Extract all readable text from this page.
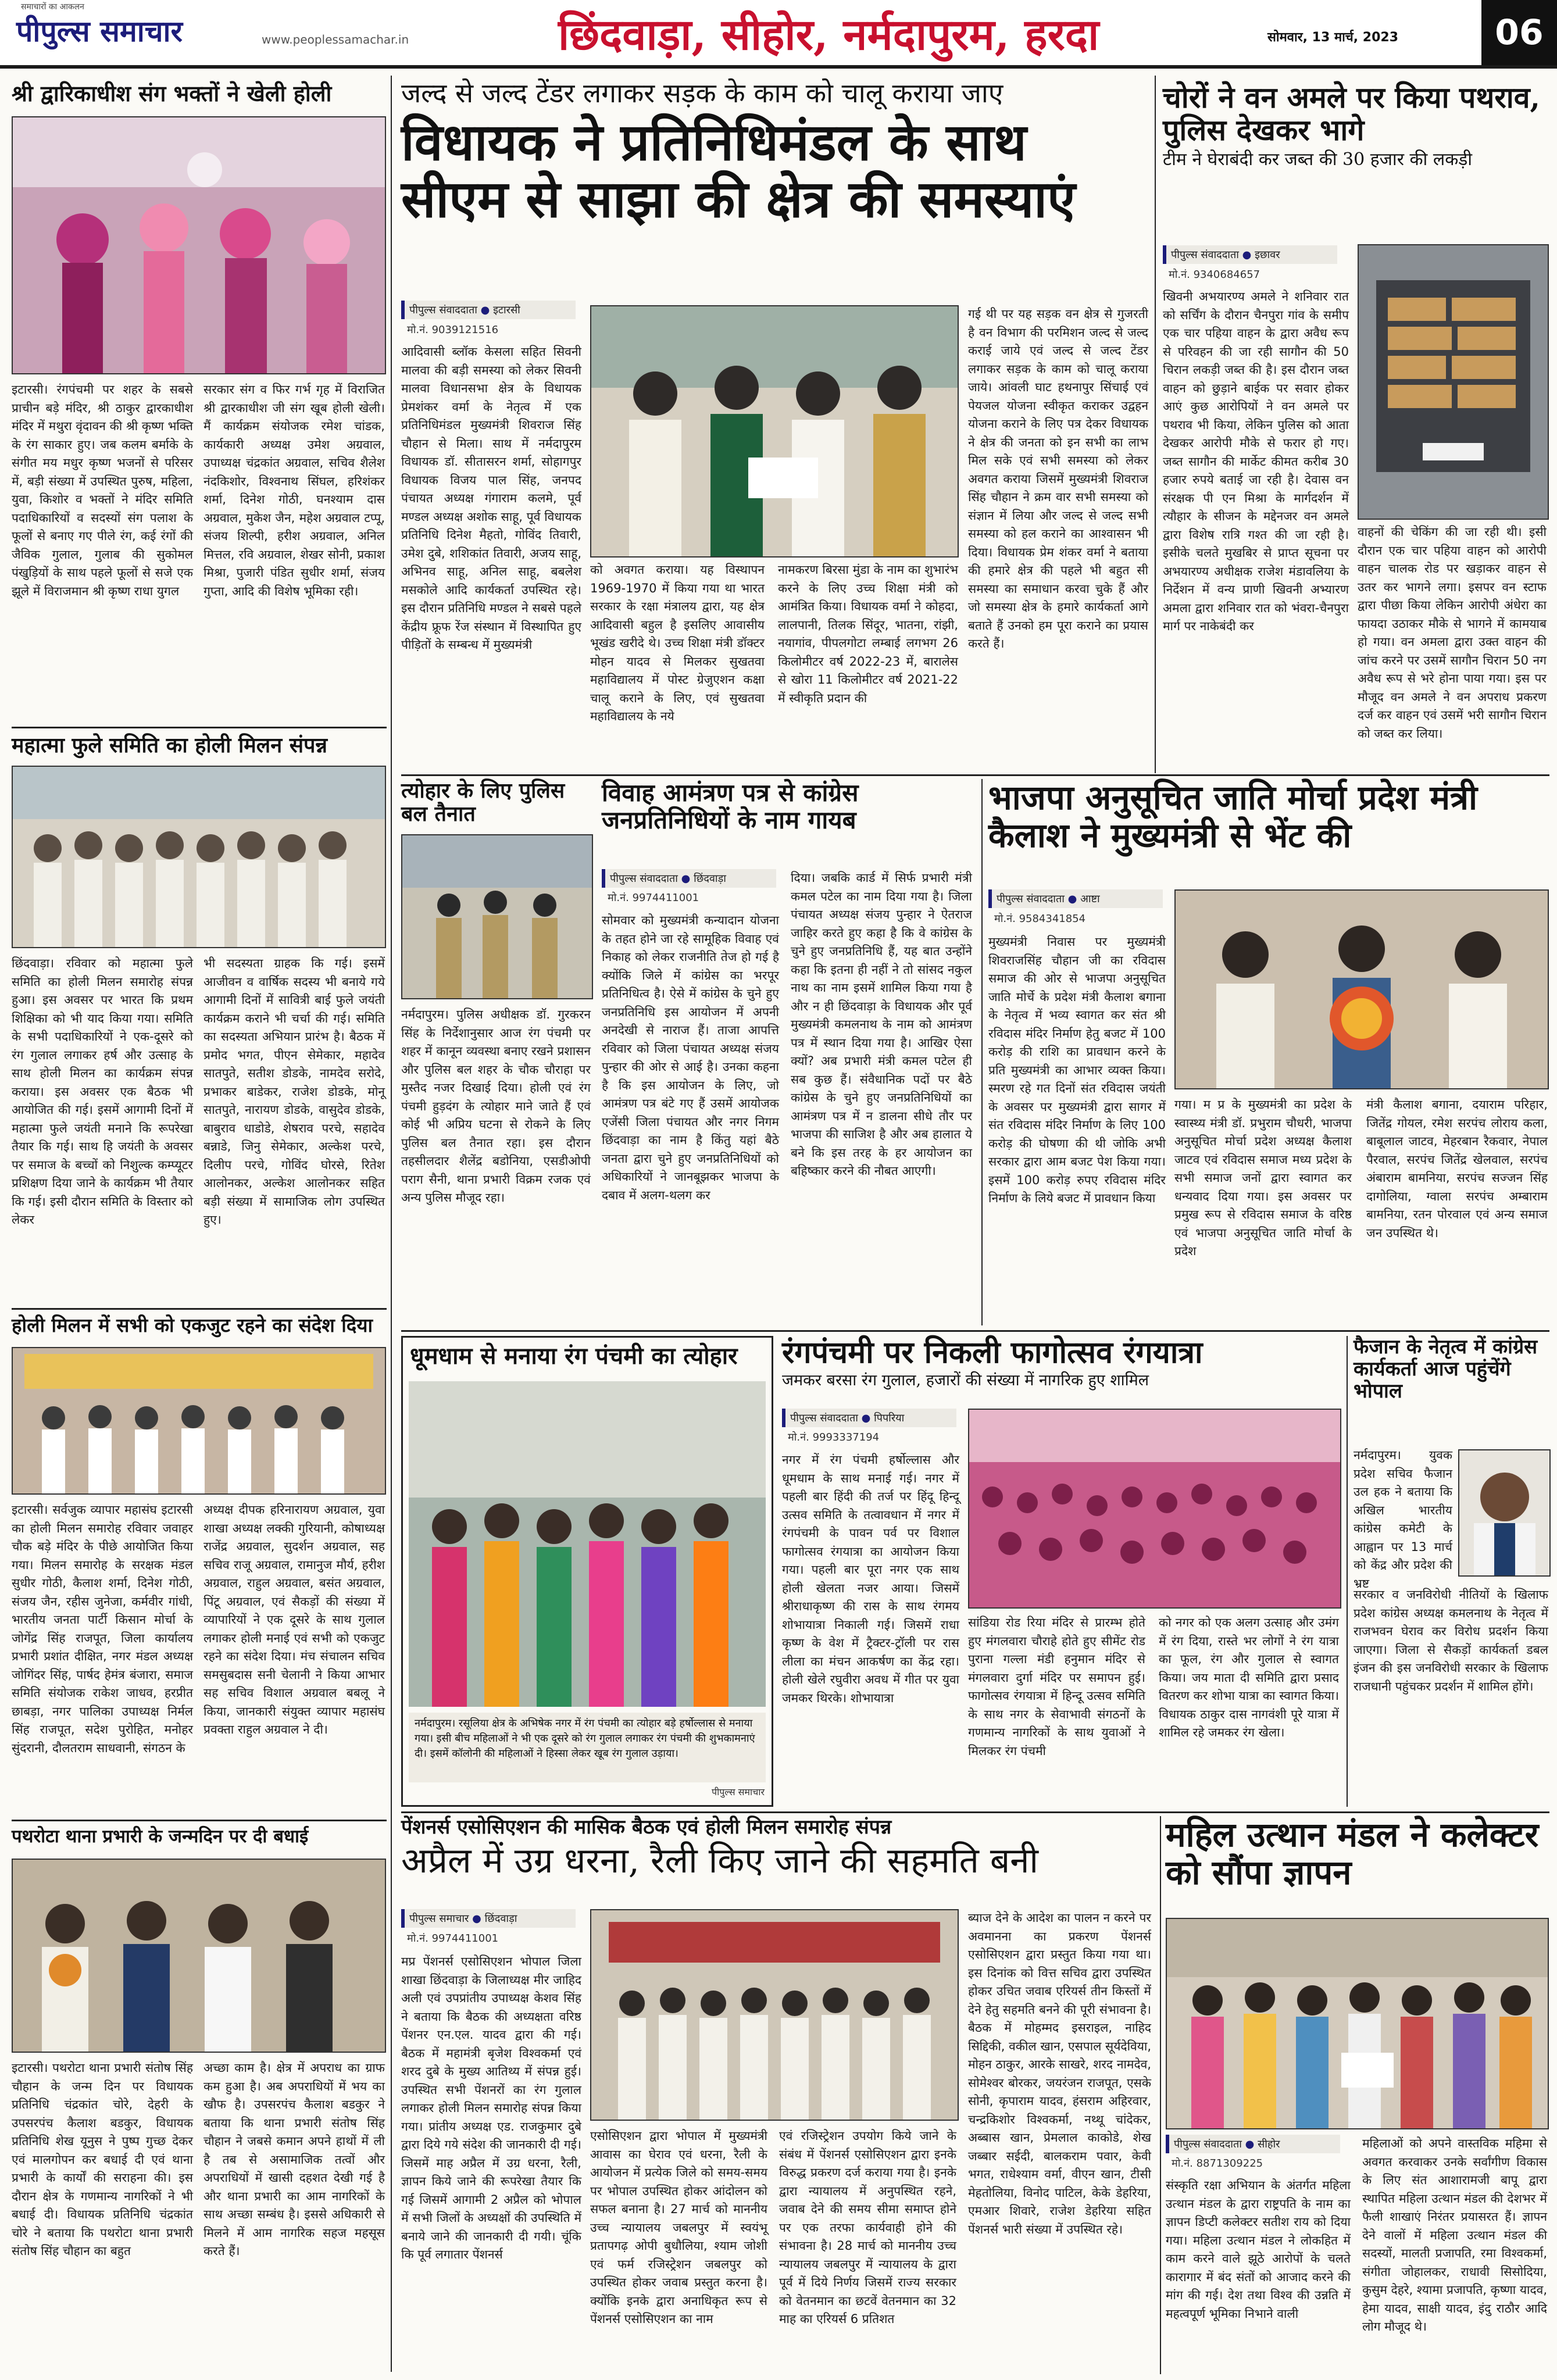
समाचारों का आकलन
पीपुल्स समाचार	www.peoplessamachar.in	छिंदवाड़ा, सीहोर, नर्मदापुरम, हरदा	सोमवार, 13 मार्च, 2023	06
श्री द्वारिकाधीश संग भक्तों ने खेली होली
इटारसी। रंगपंचमी पर शहर के सबसे प्राचीन बड़े मंदिर, श्री ठाकुर द्वारकाधीश मंदिर में मथुरा वृंदावन की श्री कृष्ण भक्ति के रंग साकार हुए। जब कलम बर्माके के संगीत मय मधुर कृष्ण भजनों से परिसर में, बड़ी संख्या में उपस्थित पुरुष, महिला, युवा, किशोर व भक्तों ने मंदिर समिति पदाधिकारियों व सदस्यों संग पलाश के फूलों से बनाए गए पीले रंग, कई रंगों की जैविक गुलाल, गुलाब की सुकोमल पंखुड़ियों के साथ पहले फूलों से सजे एक झूले में विराजमान श्री कृष्ण राधा युगल
सरकार संग व फिर गर्भ गृह में विराजित श्री द्वारकाधीश जी संग खूब होली खेली। मैं कार्यक्रम संयोजक रमेश चांडक, कार्यकारी अध्यक्ष उमेश अग्रवाल, उपाध्यक्ष चंद्रकांत अग्रवाल, सचिव शैलेश नंदकिशोर, विश्वनाथ सिंघल, हरिशंकर शर्मा, दिनेश गोठी, घनश्याम दास अग्रवाल, मुकेश जैन, महेश अग्रवाल टप्पू, संजय शिल्पी, हरीश अग्रवाल, अनिल मित्तल, रवि अग्रवाल, शेखर सोनी, प्रकाश मिश्रा, पुजारी पंडित सुधीर शर्मा, संजय गुप्ता, आदि की विशेष भूमिका रही।
महात्मा फुले समिति का होली मिलन संपन्न
छिंदवाड़ा। रविवार को महात्मा फुले समिति का होली मिलन समारोह संपन्न हुआ। इस अवसर पर भारत कि प्रथम शिक्षिका को भी याद किया गया। समिति के सभी पदाधिकारियों ने एक-दूसरे को रंग गुलाल लगाकर हर्ष और उत्साह के साथ होली मिलन का कार्यक्रम संपन्न कराया। इस अवसर एक बैठक भी आयोजित की गई। इसमें आगामी दिनों में महात्मा फुले जयंती मनाने कि रूपरेखा तैयार कि गई। साथ हि जयंती के अवसर पर समाज के बच्चों को निशुल्क कम्प्यूटर प्रशिक्षण दिया जाने के कार्यक्रम भी तैयार कि गई। इसी दौरान समिति के विस्तार को लेकर
भी सदस्यता ग्राहक कि गई। इसमें आजीवन व वार्षिक सदस्य भी बनाये गये आगामी दिनों में सावित्री बाई फुले जयंती कार्यक्रम कराने भी चर्चा की गई। समिति का सदस्यता अभियान प्रारंभ है। बैठक में प्रमोद भगत, पीएन सेमेकार, महादेव सातपुते, सतीश डोडके, नामदेव सरोदे, प्रभाकर बाडेकर, राजेश डोडके, मोनू सातपुते, नारायण डोडके, वासुदेव डोडके, बाबुराव धाडोडे, शेषराव परचे, सहादेव बन्नाडे, जिनु सेमेकार, अल्केश परचे, दिलीप परचे, गोविंद घोरसे, रितेश आलोनकर, अल्केश आलोनकर सहित बड़ी संख्या में सामाजिक लोग उपस्थित हुए।
होली मिलन में सभी को एकजुट रहने का संदेश दिया
इटारसी। सर्वजुक व्यापार महासंघ इटारसी का होली मिलन समारोह रविवार जवाहर चौक बड़े मंदिर के पीछे आयोजित किया गया। मिलन समारोह के सरक्षक मंडल सुधीर गोठी, कैलाश शर्मा, दिनेश गोठी, संजय जैन, रहीस जुनेजा, कर्मवीर गांधी, भारतीय जनता पार्टी किसान मोर्चा के जोगेंद्र सिंह राजपूत, जिला कार्यालय प्रभारी प्रशांत दीक्षित, नगर मंडल अध्यक्ष जोगिंदर सिंह, पार्षद हेमंत्र बंजारा, समाज समिति संयोजक राकेश जाधव, हरप्रीत छाबड़ा, नगर पालिका उपाध्यक्ष निर्मल सिंह राजपूत, सदेश पुरोहित, मनोहर सुंदरानी, दौलतराम साधवानी, संगठन के
अध्यक्ष दीपक हरिनारायण अग्रवाल, युवा शाखा अध्यक्ष लक्की गुरियानी, कोषाध्यक्ष राजेंद्र अग्रवाल, सुदर्शन अग्रवाल, सह सचिव राजू अग्रवाल, रामानुज मौर्य, हरीश अग्रवाल, राहुल अग्रवाल, बसंत अग्रवाल, पिंटू अग्रवाल, एवं सैकड़ों की संख्या में व्यापारियों ने एक दूसरे के साथ गुलाल लगाकर होली मनाई एवं सभी को एकजुट रहने का संदेश दिया। मंच संचालन सचिव समसुबदास सनी चेलानी ने किया आभार सह सचिव विशाल अग्रवाल बबलू ने किया, जानकारी संयुक्त व्यापार महासंघ प्रवक्ता राहुल अग्रवाल ने दी।
पथरोटा थाना प्रभारी के जन्मदिन पर दी बधाई
इटारसी। पथरोटा थाना प्रभारी संतोष सिंह चौहान के जन्म दिन पर विधायक प्रतिनिधि चंद्रकांत चोरे, देहरी के उपसरपंच कैलाश बडकुर, विधायक प्रतिनिधि शेख यूनुस ने पुष्प गुच्छ देकर एवं मालगोपन कर बधाई दी एवं थाना प्रभारी के कार्यों की सराहना की। इस दौरान क्षेत्र के गणमान्य नागरिकों ने भी बधाई दी। विधायक प्रतिनिधि चंद्रकांत चोरे ने बताया कि पथरोटा थाना प्रभारी संतोष सिंह चौहान का बहुत
अच्छा काम है। क्षेत्र में अपराध का ग्राफ कम हुआ है। अब अपराधियों में भय का खौफ है। उपसरपंच कैलाश बडकुर ने बताया कि थाना प्रभारी संतोष सिंह चौहान ने जबसे कमान अपने हाथों में ली है तब से असामाजिक तत्वों और अपराधियों में खासी दहशत देखी गई है और थाना प्रभारी का आम नागरिकों के साथ अच्छा सम्बंध है। इससे अधिकारी से मिलने में आम नागरिक सहज महसूस करते हैं।
जल्द से जल्द टेंडर लगाकर सड़क के काम को चालू कराया जाए
विधायक ने प्रतिनिधिमंडल के साथ सीएम से साझा की क्षेत्र की समस्याएं
पीपुल्स संवाददाता ● इटारसी
मो.नं. 9039121516
आदिवासी ब्लॉक केसला सहित सिवनी मालवा की बड़ी समस्या को लेकर सिवनी मालवा विधानसभा क्षेत्र के विधायक प्रेमशंकर वर्मा के नेतृत्व में एक प्रतिनिधिमंडल मुख्यमंत्री शिवराज सिंह चौहान से मिला। साथ में नर्मदापुरम विधायक डॉ. सीतासरन शर्मा, सोहागपुर विधायक विजय पाल सिंह, जनपद पंचायत अध्यक्ष गंगाराम कलमे, पूर्व मण्डल अध्यक्ष अशोक साहू, पूर्व विधायक प्रतिनिधि दिनेश मैहतो, गोविंद तिवारी, उमेश दुबे, शशिकांत तिवारी, अजय साहू, अभिनव साहू, अनिल साहू, बबलेश मसकोले आदि कार्यकर्ता उपस्थित रहे। इस दौरान प्रतिनिधि मण्डल ने सबसे पहले केंद्रीय फ्रूफ रेंज संस्थान में विस्थापित हुए पीड़ितों के सम्बन्ध में मुख्यमंत्री
को अवगत कराया। यह विस्थापन 1969-1970 में किया गया था भारत सरकार के रक्षा मंत्रालय द्वारा, यह क्षेत्र आदिवासी बहुल है इसलिए आवासीय भूखंड खरीदे थे। उच्च शिक्षा मंत्री डॉक्टर मोहन यादव से मिलकर सुखतवा महाविद्यालय में पोस्ट ग्रेजुएशन कक्षा चालू कराने के लिए, एवं सुखतवा महाविद्यालय के नये
नामकरण बिरसा मुंडा के नाम का शुभारंभ करने के लिए उच्च शिक्षा मंत्री को आमंत्रित किया। विधायक वर्मा ने कोहदा, लालपानी, तिलक सिंदूर, भातना, रांझी, नयागांव, पीपलगोटा लम्बाई लगभग 26 किलोमीटर वर्ष 2022-23 में, बारालेस से खोरा 11 किलोमीटर वर्ष 2021-22 में स्वीकृति प्रदान की
गई थी पर यह सड़क वन क्षेत्र से गुजरती है वन विभाग की परमिशन जल्द से जल्द कराई जाये एवं जल्द से जल्द टेंडर लगाकर सड़क के काम को चालू कराया जाये। आंवली घाट हथनापुर सिंचाई एवं पेयजल योजना स्वीकृत कराकर उद्वहन योजना कराने के लिए पत्र देकर विधायक ने क्षेत्र की जनता को इन सभी का लाभ मिल सके एवं सभी समस्या को लेकर अवगत कराया जिसमें मुख्यमंत्री शिवराज सिंह चौहान ने क्रम वार सभी समस्या को संज्ञान में लिया और जल्द से जल्द सभी समस्या को हल कराने का आश्वासन भी दिया। विधायक प्रेम शंकर वर्मा ने बताया की हमारे क्षेत्र की पहले भी बहुत सी समस्या का समाधान करवा चुके हैं और जो समस्या क्षेत्र के हमारे कार्यकर्ता आगे बताते हैं उनको हम पूरा कराने का प्रयास करते हैं।
चोरों ने वन अमले पर किया पथराव, पुलिस देखकर भागे
टीम ने घेराबंदी कर जब्त की 30 हजार की लकड़ी
पीपुल्स संवाददाता ● इछावर
मो.नं. 9340684657
खिवनी अभयारण्य अमले ने शनिवार रात को सर्चिंग के दौरान चैनपुरा गांव के समीप एक चार पहिया वाहन के द्वारा अवैध रूप से परिवहन की जा रही सागौन की 50 चिरान लकड़ी जब्त की है। इस दौरान जब्त वाहन को छुड़ाने बाईक पर सवार होकर आएं कुछ आरोपियों ने वन अमले पर पथराव भी किया, लेकिन पुलिस को आता देखकर आरोपी मौके से फरार हो गए। जब्त सागौन की मार्केट कीमत करीब 30 हजार रुपये बताई जा रही है। देवास वन संरक्षक पी एन मिश्रा के मार्गदर्शन में त्यौहार के सीजन के मद्देनजर वन अमले द्वारा विशेष रात्रि गश्त की जा रही है। इसीके चलते मुखबिर से प्राप्त सूचना पर अभयारण्य अधीक्षक राजेश मंडावलिया के निर्देशन में वन्य प्राणी खिवनी अभ्यारण अमला द्वारा शनिवार रात को भंवरा-चैनपुरा मार्ग पर नाकेबंदी कर
वाहनों की चेकिंग की जा रही थी। इसी दौरान एक चार पहिया वाहन को आरोपी वाहन चालक रोड पर खड़ाकर वाहन से उतर कर भागने लगा। इसपर वन स्टाफ द्वारा पीछा किया लेकिन आरोपी अंधेरा का फायदा उठाकर मौके से भागने में कामयाब हो गया। वन अमला द्वारा उक्त वाहन की जांच करने पर उसमें सागौन चिरान 50 नग अवैध रूप से भरे होना पाया गया। इस पर मौजूद वन अमले ने वन अपराध प्रकरण दर्ज कर वाहन एवं उसमें भरी सागौन चिरान को जब्त कर लिया।
त्योहार के लिए पुलिस बल तैनात
नर्मदापुरम। पुलिस अधीक्षक डॉ. गुरकरन सिंह के निर्देशानुसार आज रंग पंचमी पर शहर में कानून व्यवस्था बनाए रखने प्रशासन और पुलिस बल शहर के चौक चौराहा पर मुस्तैद नजर दिखाई दिया। होली एवं रंग पंचमी हुड़दंग के त्योहार माने जाते हैं एवं कोई भी अप्रिय घटना से रोकने के लिए पुलिस बल तैनात रहा। इस दौरान तहसीलदार शैलेंद्र बडोनिया, एसडीओपी पराग सैनी, थाना प्रभारी विक्रम रजक एवं अन्य पुलिस मौजूद रहा।
विवाह आमंत्रण पत्र से कांग्रेस जनप्रतिनिधियों के नाम गायब
पीपुल्स संवाददाता ● छिंदवाड़ा
मो.नं. 9974411001
सोमवार को मुख्यमंत्री कन्यादान योजना के तहत होने जा रहे सामूहिक विवाह एवं निकाह को लेकर राजनीति तेज हो गई है क्योंकि जिले में कांग्रेस का भरपूर प्रतिनिधित्व है। ऐसे में कांग्रेस के चुने हुए जनप्रतिनिधि इस आयोजन में अपनी अनदेखी से नाराज हैं। ताजा आपत्ति रविवार को जिला पंचायत अध्यक्ष संजय पुन्हार की ओर से आई है। उनका कहना है कि इस आयोजन के लिए, जो आमंत्रण पत्र बंटे गए हैं उसमें आयोजक एजेंसी जिला पंचायत और नगर निगम छिंदवाड़ा का नाम है किंतु यहां बैठे जनता द्वारा चुने हुए जनप्रतिनिधियों को अधिकारियों ने जानबूझकर भाजपा के दबाव में अलग-थलग कर
दिया। जबकि कार्ड में सिर्फ प्रभारी मंत्री कमल पटेल का नाम दिया गया है। जिला पंचायत अध्यक्ष संजय पुन्हार ने ऐतराज जाहिर करते हुए कहा है कि वे कांग्रेस के चुने हुए जनप्रतिनिधि हैं, यह बात उन्होंने कहा कि इतना ही नहीं ने तो सांसद नकुल नाथ का नाम इसमें शामिल किया गया है और न ही छिंदवाड़ा के विधायक और पूर्व मुख्यमंत्री कमलनाथ के नाम को आमंत्रण पत्र में स्थान दिया गया है। आखिर ऐसा क्यों? अब प्रभारी मंत्री कमल पटेल ही सब कुछ हैं। संवैधानिक पदों पर बैठे कांग्रेस के चुने हुए जनप्रतिनिधियों का आमंत्रण पत्र में न डालना सीधे तौर पर भाजपा की साजिश है और अब हालात ये बने कि इस तरह के हर आयोजन का बहिष्कार करने की नौबत आएगी।
भाजपा अनुसूचित जाति मोर्चा प्रदेश मंत्री कैलाश ने मुख्यमंत्री से भेंट की
पीपुल्स संवाददाता ● आष्टा
मो.नं. 9584341854
मुख्यमंत्री निवास पर मुख्यमंत्री शिवराजसिंह चौहान जी का रविदास समाज की ओर से भाजपा अनुसूचित जाति मोर्चे के प्रदेश मंत्री कैलाश बगाना के नेतृत्व में भव्य स्वागत कर संत श्री रविदास मंदिर निर्माण हेतु बजट में 100 करोड़ की राशि का प्रावधान करने के प्रति मुख्यमंत्री का आभार व्यक्त किया। स्मरण रहे गत दिनों संत रविदास जयंती के अवसर पर मुख्यमंत्री द्वारा सागर में संत रविदास मंदिर निर्माण के लिए 100 करोड़ की घोषणा की थी जोकि अभी सरकार द्वारा आम बजट पेश किया गया। इसमें 100 करोड़ रुपए रविदास मंदिर निर्माण के लिये बजट में प्रावधान किया
गया। म प्र के मुख्यमंत्री का प्रदेश के स्वास्थ्य मंत्री डॉ. प्रभुराम चौधरी, भाजपा अनुसूचित मोर्चा प्रदेश अध्यक्ष कैलाश जाटव एवं रविदास समाज मध्य प्रदेश के सभी समाज जनों द्वारा स्वागत कर धन्यवाद दिया गया। इस अवसर पर प्रमुख रूप से रविदास समाज के वरिष्ठ एवं भाजपा अनुसूचित जाति मोर्चा के प्रदेश
मंत्री कैलाश बगाना, दयाराम परिहार, जितेंद्र गोयल, रमेश सरपंच लोराय कला, बाबूलाल जाटव, मेहरबान रैकवार, नेपाल पैरवाल, सरपंच जितेंद्र खेलवाल, सरपंच अंबाराम बामनिया, सरपंच सज्जन सिंह दागोलिया, ग्वाला सरपंच अम्बाराम बामनिया, रतन पोरवाल एवं अन्य समाज जन उपस्थित थे।
धूमधाम से मनाया रंग पंचमी का त्योहार
नर्मदापुरम। रसूलिया क्षेत्र के अभिषेक नगर में रंग पंचमी का त्योहार बड़े हर्षोल्लास से मनाया गया। इसी बीच महिलाओं ने भी एक दूसरे को रंग गुलाल लगाकर रंग पंचमी की शुभकामनाएं दी। इसमें कॉलोनी की महिलाओं ने हिस्सा लेकर खूब रंग गुलाल उड़ाया।
पीपुल्स समाचार
रंगपंचमी पर निकली फागोत्सव रंगयात्रा
जमकर बरसा रंग गुलाल, हजारों की संख्या में नागरिक हुए शामिल
पीपुल्स संवाददाता ● पिपरिया
मो.नं. 9993337194
नगर में रंग पंचमी हर्षोल्लास और धूमधाम के साथ मनाई गई। नगर में पहली बार हिंदी की तर्ज पर हिंदू हिन्दू उत्सव समिति के तत्वावधान में नगर में रंगपंचमी के पावन पर्व पर विशाल फागोत्सव रंगयात्रा का आयोजन किया गया। पहली बार पूरा नगर एक साथ होली खेलता नजर आया। जिसमें श्रीराधाकृष्ण की रास के साथ रंगमय शोभायात्रा निकाली गई। जिसमें राधा कृष्ण के वेश में ट्रैक्टर-ट्रॉली पर रास लीला का मंचन आकर्षण का केंद्र रहा। होली खेले रघुवीरा अवध में गीत पर युवा जमकर थिरके। शोभायात्रा
सांडिया रोड रिया मंदिर से प्रारम्भ होते हुए मंगलवारा चौराहे होते हुए सीमेंट रोड पुराना गल्ला मंडी हनुमान मंदिर से मंगलवारा दुर्गा मंदिर पर समापन हुई। फागोत्सव रंगयात्रा में हिन्दू उत्सव समिति के साथ नगर के सेवाभावी संगठनों के गणमान्य नागरिकों के साथ युवाओं ने मिलकर रंग पंचमी
को नगर को एक अलग उत्साह और उमंग में रंग दिया, रास्ते भर लोगों ने रंग यात्रा का फूल, रंग और गुलाल से स्वागत किया। जय माता दी समिति द्वारा प्रसाद वितरण कर शोभा यात्रा का स्वागत किया। विधायक ठाकुर दास नागवंशी पूरे यात्रा में शामिल रहे जमकर रंग खेला।
फैजान के नेतृत्व में कांग्रेस कार्यकर्ता आज पहुंचेंगे भोपाल
नर्मदापुरम। युवक प्रदेश सचिव फैजान उल हक ने बताया कि अखिल भारतीय कांग्रेस कमेटी के आह्वान पर 13 मार्च को केंद्र और प्रदेश की भ्रष्ट
सरकार व जनविरोधी नीतियों के खिलाफ प्रदेश कांग्रेस अध्यक्ष कमलनाथ के नेतृत्व में राजभवन घेराव कर विरोध प्रदर्शन किया जाएगा। जिला से सैकड़ों कार्यकर्ता डबल इंजन की इस जनविरोधी सरकार के खिलाफ राजधानी पहुंचकर प्रदर्शन में शामिल होंगे।
पेंशनर्स एसोसिएशन की मासिक बैठक एवं होली मिलन समारोह संपन्न
अप्रैल में उग्र धरना, रैली किए जाने की सहमति बनी
पीपुल्स समाचार ● छिंदवाड़ा
मो.नं. 9974411001
मप्र पेंशनर्स एसोसिएशन भोपाल जिला शाखा छिंदवाड़ा के जिलाध्यक्ष मीर जाहिद अली एवं उपप्रांतीय उपाध्यक्ष केशव सिंह ने बताया कि बैठक की अध्यक्षता वरिष्ठ पेंशनर एन.एल. यादव द्वारा की गई। बैठक में महामंत्री बृजेश विश्वकर्मा एवं शरद दुबे के मुख्य आतिथ्य में संपन्न हुई। उपस्थित सभी पेंशनरों का रंग गुलाल लगाकर होली मिलन समारोह संपन्न किया गया। प्रांतीय अध्यक्ष एड. राजकुमार दुबे द्वारा दिये गये संदेश की जानकारी दी गई। जिसमें माह अप्रैल में उग्र धरना, रैली, ज्ञापन किये जाने की रूपरेखा तैयार कि गई जिसमें आगामी 2 अप्रैल को भोपाल में सभी जिलों के अध्यक्षों की उपस्थिति में बनाये जाने की जानकारी दी गयी। चूंकि कि पूर्व लगातार पेंशनर्स
एसोसिएशन द्वारा भोपाल में मुख्यमंत्री आवास का घेराव एवं धरना, रैली के आयोजन में प्रत्येक जिले को समय-समय पर भोपाल उपस्थित होकर आंदोलन को सफल बनाना है। 27 मार्च को माननीय उच्च न्यायालय जबलपुर में स्वयंभू प्रतापगढ़ ओपी बुधौलिया, श्याम जोशी एवं फर्म रजिस्ट्रेशन जबलपुर को उपस्थित होकर जवाब प्रस्तुत करना है। क्योंकि इनके द्वारा अनाधिकृत रूप से पेंशनर्स एसोसिएशन का नाम
एवं रजिस्ट्रेशन उपयोग किये जाने के संबंध में पेंशनर्स एसोसिएशन द्वारा इनके विरुद्ध प्रकरण दर्ज कराया गया है। इनके द्वारा न्यायालय में अनुपस्थित रहने, जवाब देने की समय सीमा समाप्त होने पर एक तरफा कार्यवाही होने की संभावना है। 28 मार्च को माननीय उच्च न्यायालय जबलपुर में न्यायालय के द्वारा पूर्व में दिये निर्णय जिसमें राज्य सरकार को वेतनमान का छटवें वेतनमान का 32 माह का एरियर्स 6 प्रतिशत
ब्याज देने के आदेश का पालन न करने पर अवमानना का प्रकरण पेंशनर्स एसोसिएशन द्वारा प्रस्तुत किया गया था। इस दिनांक को वित्त सचिव द्वारा उपस्थित होकर उचित जवाब एरियर्स तीन किस्तों में देने हेतु सहमति बनने की पूरी संभावना है। बैठक में मोहम्मद इसराइल, नाहिद सिद्दिकी, वकील खान, एसपाल सूर्यदेविया, मोहन ठाकुर, आरके साखरे, शरद नामदेव, सोमेश्वर बोरकर, जयरंजन राजपूत, एसके सोनी, कृपाराम यादव, हंसराम अहिरवार, चन्द्रकिशोर विश्वकर्मा, नथ्थू चांदेकर, अब्बास खान, प्रेमलाल काकोडे, शेख जब्बार सईदी, बालकराम पवार, केवी भगत, राधेश्याम वर्मा, वीएन खान, टीसी मेहतोलिया, विनोद पाटिल, केके डेहरिया, एमआर शिवारे, राजेश डेहरिया सहित पेंशनर्स भारी संख्या में उपस्थित रहे।
महिल उत्थान मंडल ने कलेक्टर को सौंपा ज्ञापन
पीपुल्स संवाददाता ● सीहोर
मो.नं. 8871309225
संस्कृति रक्षा अभियान के अंतर्गत महिला उत्थान मंडल के द्वारा राष्ट्रपति के नाम का ज्ञापन डिप्टी कलेक्टर सतीश राय को दिया गया। महिला उत्थान मंडल ने लोकहित में काम करने वाले झूठे आरोपों के चलते कारागार में बंद संतों को आजाद करने की मांग की गई। देश तथा विश्व की उन्नति में महत्वपूर्ण भूमिका निभाने वाली
महिलाओं को अपने वास्तविक महिमा से अवगत करवाकर उनके सर्वांगीण विकास के लिए संत आशारामजी बापू द्वारा स्थापित महिला उत्थान मंडल की देशभर में फैली शाखाएं निरंतर प्रयासरत हैं। ज्ञापन देने वालों में महिला उत्थान मंडल की सदस्यों, मालती प्रजापति, रमा विश्वकर्मा, संगीता जोहालकर, राधावी सिसोदिया, कुसुम देहरे, श्यामा प्रजापति, कृष्णा यादव, हेमा यादव, साक्षी यादव, इंदु राठौर आदि लोग मौजूद थे।
